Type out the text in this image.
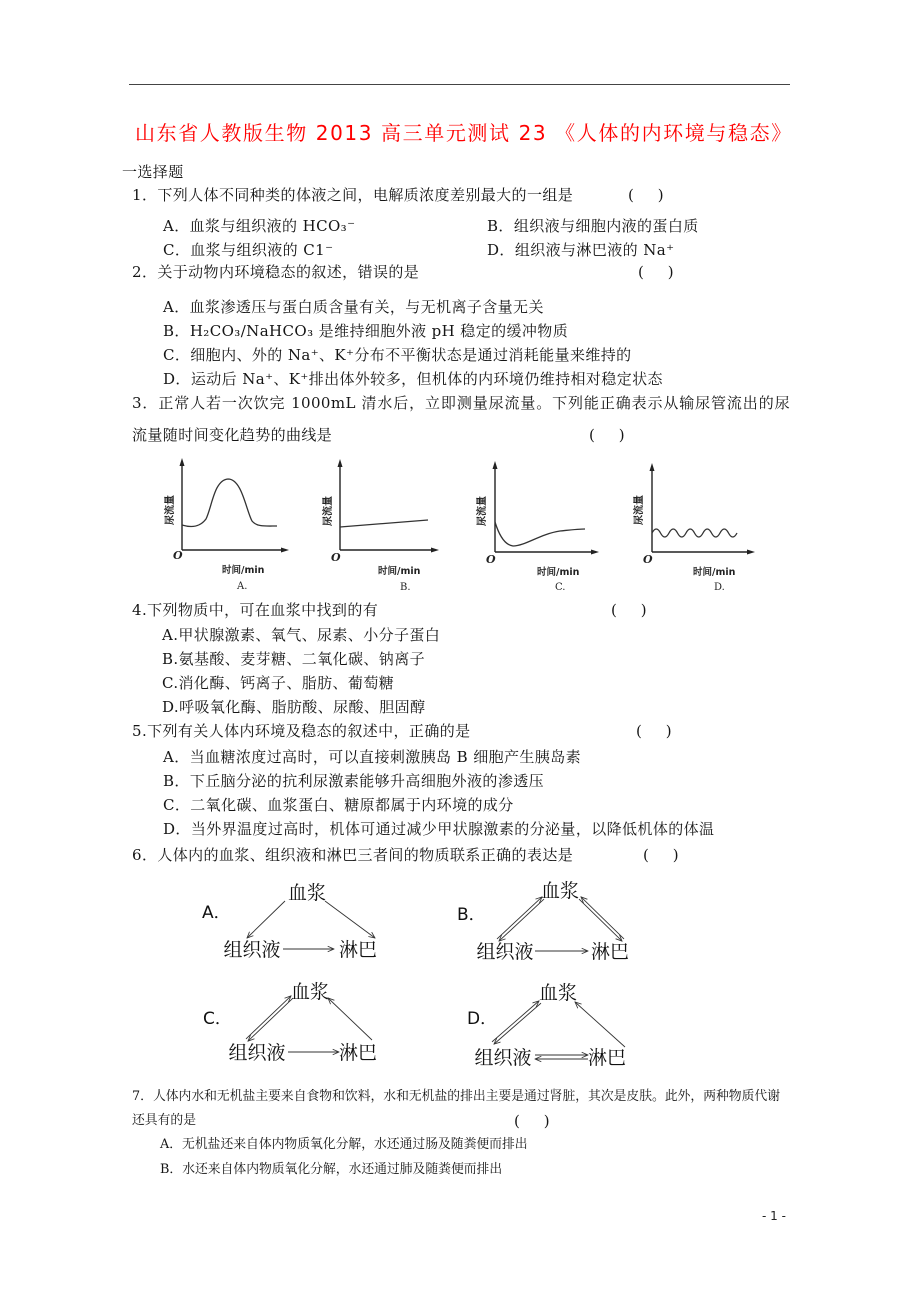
山东省人教版生物 2013 高三单元测试 23 《人体的内环境与稳态》
一选择题
1．下列人体不同种类的体液之间，电解质浓度差别最大的一组是	(     )
A．血浆与组织液的 HCO₃⁻	B．组织液与细胞内液的蛋白质
C．血浆与组织液的 C1⁻	D．组织液与淋巴液的 Na⁺
2．关于动物内环境稳态的叙述，错误的是	(     )
A．血浆渗透压与蛋白质含量有关，与无机离子含量无关
B．H₂CO₃/NaHCO₃ 是维持细胞外液 pH 稳定的缓冲物质
C．细胞内、外的 Na⁺、K⁺分布不平衡状态是通过消耗能量来维持的
D．运动后 Na⁺、K⁺排出体外较多，但机体的内环境仍维持相对稳定状态
3．正常人若一次饮完 1000mL 清水后，立即测量尿流量。下列能正确表示从输尿管流出的尿
流量随时间变化趋势的曲线是	(     )
尿流量
O
时间/min
A.
尿流量
O
时间/min
B.
尿流量
O
时间/min
C.
尿流量
O
时间/min
D.
4.下列物质中，可在血浆中找到的有	(     )
A.甲状腺激素、氧气、尿素、小分子蛋白
B.氨基酸、麦芽糖、二氧化碳、钠离子
C.消化酶、钙离子、脂肪、葡萄糖
D.呼吸氧化酶、脂肪酸、尿酸、胆固醇
5.下列有关人体内环境及稳态的叙述中，正确的是	(     )
A．当血糖浓度过高时，可以直接刺激胰岛 B 细胞产生胰岛素
B．下丘脑分泌的抗利尿激素能够升高细胞外液的渗透压
C．二氧化碳、血浆蛋白、糖原都属于内环境的成分
D．当外界温度过高时，机体可通过减少甲状腺激素的分泌量，以降低机体的体温
6．人体内的血浆、组织液和淋巴三者间的物质联系正确的表达是	(     )
A．
血浆
组织液	淋巴
B．
血浆
组织液	淋巴
C．
血浆
组织液	淋巴
D．
血浆
组织液	淋巴
7．人体内水和无机盐主要来自食物和饮料，水和无机盐的排出主要是通过肾脏，其次是皮肤。此外，两种物质代谢
还具有的是	(     )
A．无机盐还来自体内物质氧化分解，水还通过肠及随粪便而排出
B．水还来自体内物质氧化分解，水还通过肺及随粪便而排出
- 1 -
